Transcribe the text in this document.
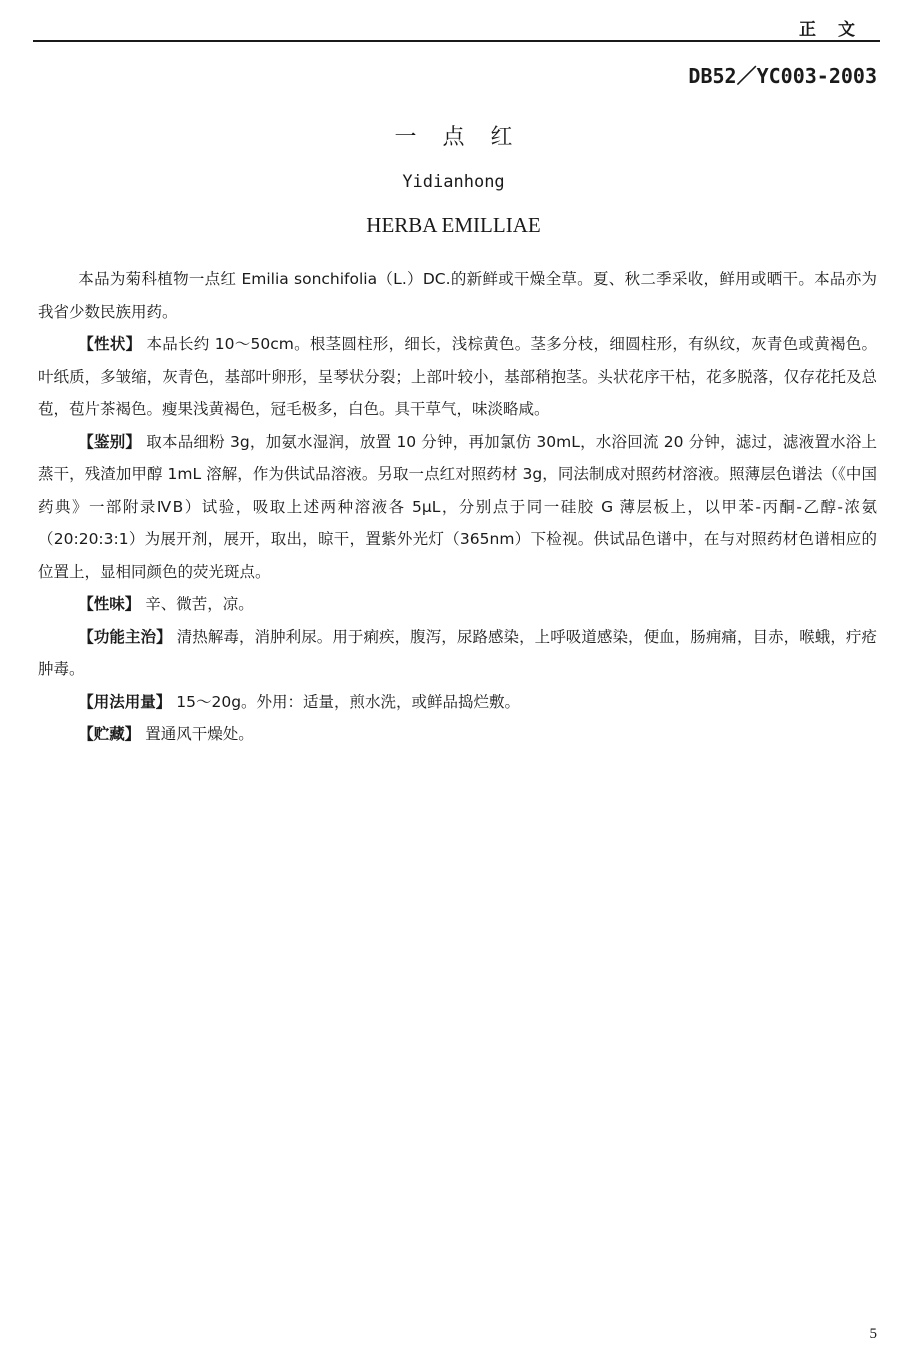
正文
DB52／YC003-2003
一点红
Yidianhong
HERBA EMILLIAE

本品为菊科植物一点红 Emilia sonchifolia（L.）DC.的新鲜或干燥全草。夏、秋二季采收，鲜用或晒干。本品亦为我省少数民族用药。

【性状】 本品长约 10～50cm。根茎圆柱形，细长，浅棕黄色。茎多分枝，细圆柱形，有纵纹，灰青色或黄褐色。叶纸质，多皱缩，灰青色，基部叶卵形，呈琴状分裂；上部叶较小，基部稍抱茎。头状花序干枯，花多脱落，仅存花托及总苞，苞片茶褐色。瘦果浅黄褐色，冠毛极多，白色。具干草气，味淡略咸。

【鉴别】 取本品细粉 3g，加氨水湿润，放置 10 分钟，再加氯仿 30mL，水浴回流 20 分钟，滤过，滤液置水浴上蒸干，残渣加甲醇 1mL 溶解，作为供试品溶液。另取一点红对照药材 3g，同法制成对照药材溶液。照薄层色谱法（《中国药典》一部附录ⅣB）试验，吸取上述两种溶液各 5μL，分别点于同一硅胶 G 薄层板上，以甲苯-丙酮-乙醇-浓氨（20:20:3:1）为展开剂，展开，取出，晾干，置紫外光灯（365nm）下检视。供试品色谱中，在与对照药材色谱相应的位置上，显相同颜色的荧光斑点。

【性味】 辛、微苦，凉。

【功能主治】 清热解毒，消肿利尿。用于痢疾，腹泻，尿路感染，上呼吸道感染，便血，肠痈痛，目赤，喉蛾，疔疮肿毒。

【用法用量】 15～20g。外用：适量，煎水洗，或鲜品捣烂敷。

【贮藏】 置通风干燥处。

5
